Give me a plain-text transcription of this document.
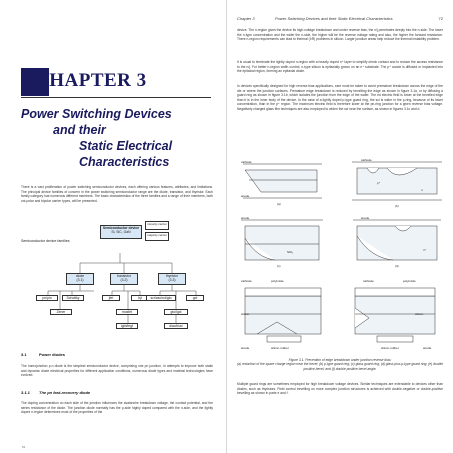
CHAPTER 3
Power Switching Devices
and their
Static Electrical Characteristics
There is a vast proliferation of power switching semiconductor devices, each offering various features, attributes, and limitations. The principal device families of concern in the power switching semiconductor range are the diode, transistor, and thyristor. Each family category has numerous different members. The basic characteristics of the three families and a range of their members, both uni-polar and bipolar carrier types, will be presented.
Semiconductor device families
Semiconductor device
Si, SiC, GaN
minority carrier
majority carrier
diode
(3.1)
transistor
(3.2)
thyristor
(3.3)
pn/pin	Schottky
Zener
jfet	bjt
mosfet
igbt/iegt
scr/asc/rct/gto	gct
gto/igct
diac/triac
3.1	Power diodes
The homojunction p-n diode is the simplest semiconductor device, comprising one pn junction. In attempts to improve both static and dynamic diode electrical properties for different application conditions, numerous diode types and material technologies have evolved.
3.1.1 The pn fast-recovery diode
The doping concentration on each side of the junction influences the avalanche breakdown voltage, the contact potential, and the series resistance of the diode. The junction diode normally has the p-side highly doped compared with the n-side, and the lightly doped n-region determines most of the properties of the
61
Chapter 3	Power Switching Devices and their Static Electrical Characteristics	72
device. The n-region gives the device its high-voltage breakdown and under reverse bias, the n/j penetrates deeply into the n-side. The lower the n-type concentration and the wider the n-side, the higher will be the reverse voltage rating and also, the higher the forward resistance. There n-region requirements can lead to thermal (I²R) problems in silicon. Larger junction areas help reduce the thermal instability problem.
It is usual to terminate the lightly doped n-region with a heavily doped n⁺ layer to simplify ohmic contact and to reduce the access resistance to the n/j. For better n-region width control, n-type silicon is epitaxially grown on an n⁺ substrate. The p⁺ anode is diffused or implanted into the epitaxial region, forming an epitaxial diode.
In devices specifically designed for high reverse bias applications, care must be taken to avoid premature breakdown across the edge of the die or where the junction surfaces. Premature edge breakdown is reduced by bevelling the edge as shown in figure 3.1a, or by diffusing a guard ring as shown in figure 3.1b, which isolates the junction from the edge of the wafer. The ed electric field is lower at the bevelled edge than it is in the inner body of the device. In the case of a lightly doped p-type guard ring, the scl is wider in the p-ring, because of its lower concentration, than in the p⁺ region. The maximum electric field is therefore lower at the pn-ring junction for a given reverse bias voltage. Negatively charged glass film techniques are also employed to widen the scl near the surface, as shown in figures 3.1c and d.
cathode
anode
(a)
cathode
p⁺
n
(b)
anode
SiO₂
(c)
anode
n⁺
(d)
cathode	polyimide
silicon
silicon rubber
anode
cathode	polyimide
silicon
silicon rubber	anode
Figure 3.1. Prevention of edge breakdown under junction reverse bias:
(a) reduction of the space charge region near the bevel; (b) p-type guard ring; (c) glass guard ring; (d) glass plus p-type guard ring; (e) double positive bevel; and (f) double positive bevel angle.
Multiple guard rings are sometimes employed for high breakdown voltage devices. Similar techniques are extendable to devices other than diodes, such as thyristors. Field control bevelling on more complex junction structures is achieved with double-negative or double-positive bevelling as shown in parts e and f.
